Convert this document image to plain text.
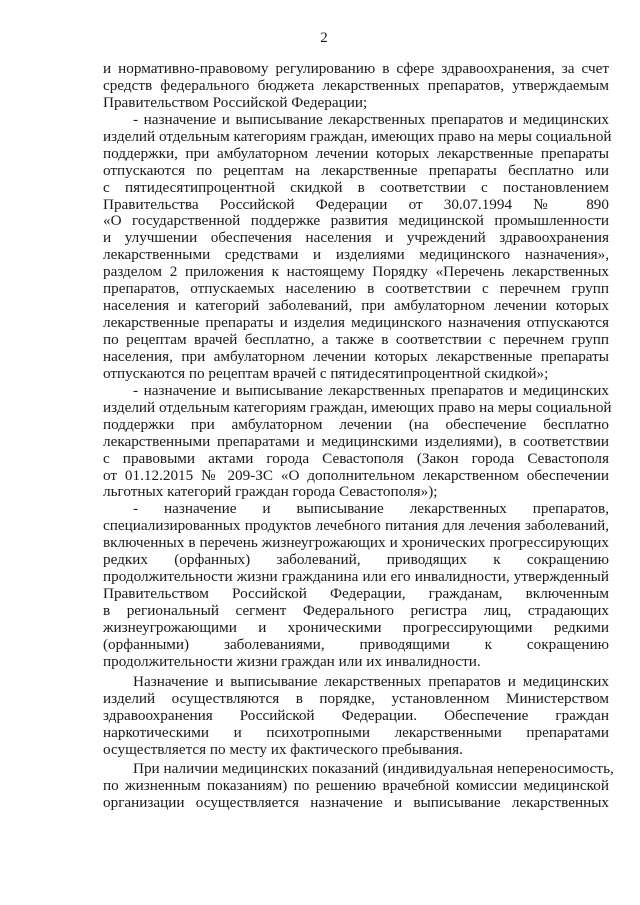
2
и нормативно-правовому регулированию в сфере здравоохранения, за счет
средств федерального бюджета лекарственных препаратов, утверждаемым
Правительством Российской Федерации;
- назначение и выписывание лекарственных препаратов и медицинских
изделий отдельным категориям граждан, имеющих право на меры социальной
поддержки, при амбулаторном лечении которых лекарственные препараты
отпускаются по рецептам на лекарственные препараты бесплатно или
с пятидесятипроцентной скидкой в соответствии с постановлением
Правительства Российской Федерации от 30.07.1994 № 890
«О государственной поддержке развития медицинской промышленности
и улучшении обеспечения населения и учреждений здравоохранения
лекарственными средствами и изделиями медицинского назначения»,
разделом 2 приложения к настоящему Порядку «Перечень лекарственных
препаратов, отпускаемых населению в соответствии с перечнем групп
населения и категорий заболеваний, при амбулаторном лечении которых
лекарственные препараты и изделия медицинского назначения отпускаются
по рецептам врачей бесплатно, а также в соответствии с перечнем групп
населения, при амбулаторном лечении которых лекарственные препараты
отпускаются по рецептам врачей с пятидесятипроцентной скидкой»;
- назначение и выписывание лекарственных препаратов и медицинских
изделий отдельным категориям граждан, имеющих право на меры социальной
поддержки при амбулаторном лечении (на обеспечение бесплатно
лекарственными препаратами и медицинскими изделиями), в соответствии
с правовыми актами города Севастополя (Закон города Севастополя
от 01.12.2015 № 209-ЗС «О дополнительном лекарственном обеспечении
льготных категорий граждан города Севастополя»);
- назначение и выписывание лекарственных препаратов,
специализированных продуктов лечебного питания для лечения заболеваний,
включенных в перечень жизнеугрожающих и хронических прогрессирующих
редких (орфанных) заболеваний, приводящих к сокращению
продолжительности жизни гражданина или его инвалидности, утвержденный
Правительством Российской Федерации, гражданам, включенным
в региональный сегмент Федерального регистра лиц, страдающих
жизнеугрожающими и хроническими прогрессирующими редкими
(орфанными) заболеваниями, приводящими к сокращению
продолжительности жизни граждан или их инвалидности.
Назначение и выписывание лекарственных препаратов и медицинских
изделий осуществляются в порядке, установленном Министерством
здравоохранения Российской Федерации. Обеспечение граждан
наркотическими и психотропными лекарственными препаратами
осуществляется по месту их фактического пребывания.
При наличии медицинских показаний (индивидуальная непереносимость,
по жизненным показаниям) по решению врачебной комиссии медицинской
организации осуществляется назначение и выписывание лекарственных
